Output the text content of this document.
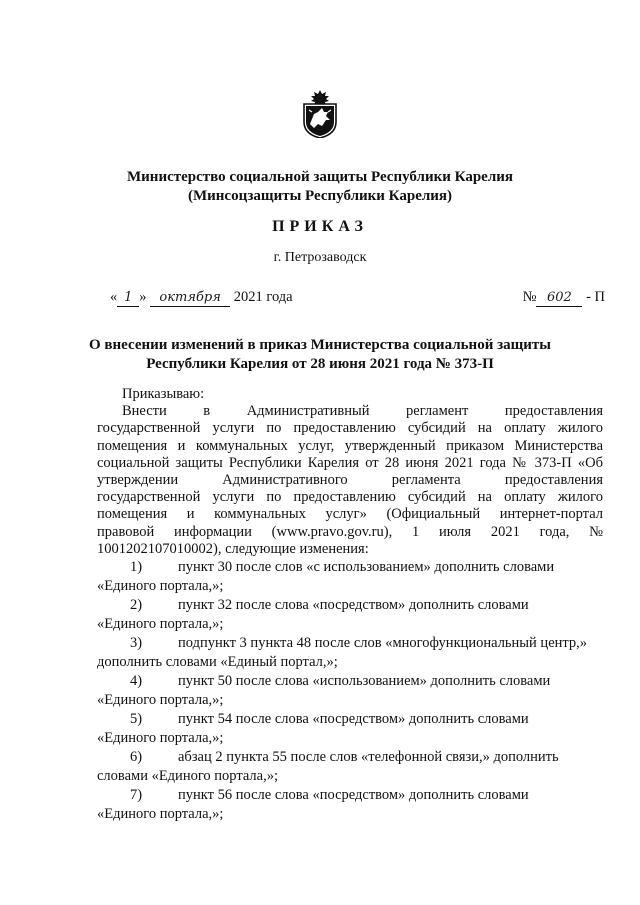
Министерство социальной защиты Республики Карелия
(Минсоцзащиты Республики Карелия)
ПРИКАЗ
г. Петрозаводск
« 1 » октября 2021 года	№ 602 - П
О внесении изменений в приказ Министерства социальной защиты
Республики Карелия от 28 июня 2021 года № 373-П

Приказываю:

Внести в Административный регламент предоставления

государственной услуги по предоставлению субсидий на оплату жилого

помещения и коммунальных услуг, утвержденный приказом Министерства

социальной защиты Республики Карелия от 28 июня 2021 года № 373-П «Об

утверждении Административного регламента предоставления

государственной услуги по предоставлению субсидий на оплату жилого

помещения и коммунальных услуг» (Официальный интернет-портал

правовой информации (www.pravo.gov.ru), 1 июля 2021 года, №

1001202107010002), следующие изменения:

1)	пункт 30 после слов «с использованием» дополнить словами
«Единого портала,»;
2)	пункт 32 после слова «посредством» дополнить словами
«Единого портала,»;
3)	подпункт 3 пункта 48 после слов «многофункциональный центр,»
дополнить словами «Единый портал,»;
4)	пункт 50 после слова «использованием» дополнить словами
«Единого портала,»;
5)	пункт 54 после слова «посредством» дополнить словами
«Единого портала,»;
6)	абзац 2 пункта 55 после слов «телефонной связи,» дополнить
словами «Единого портала,»;
7)	пункт 56 после слова «посредством» дополнить словами
«Единого портала,»;
